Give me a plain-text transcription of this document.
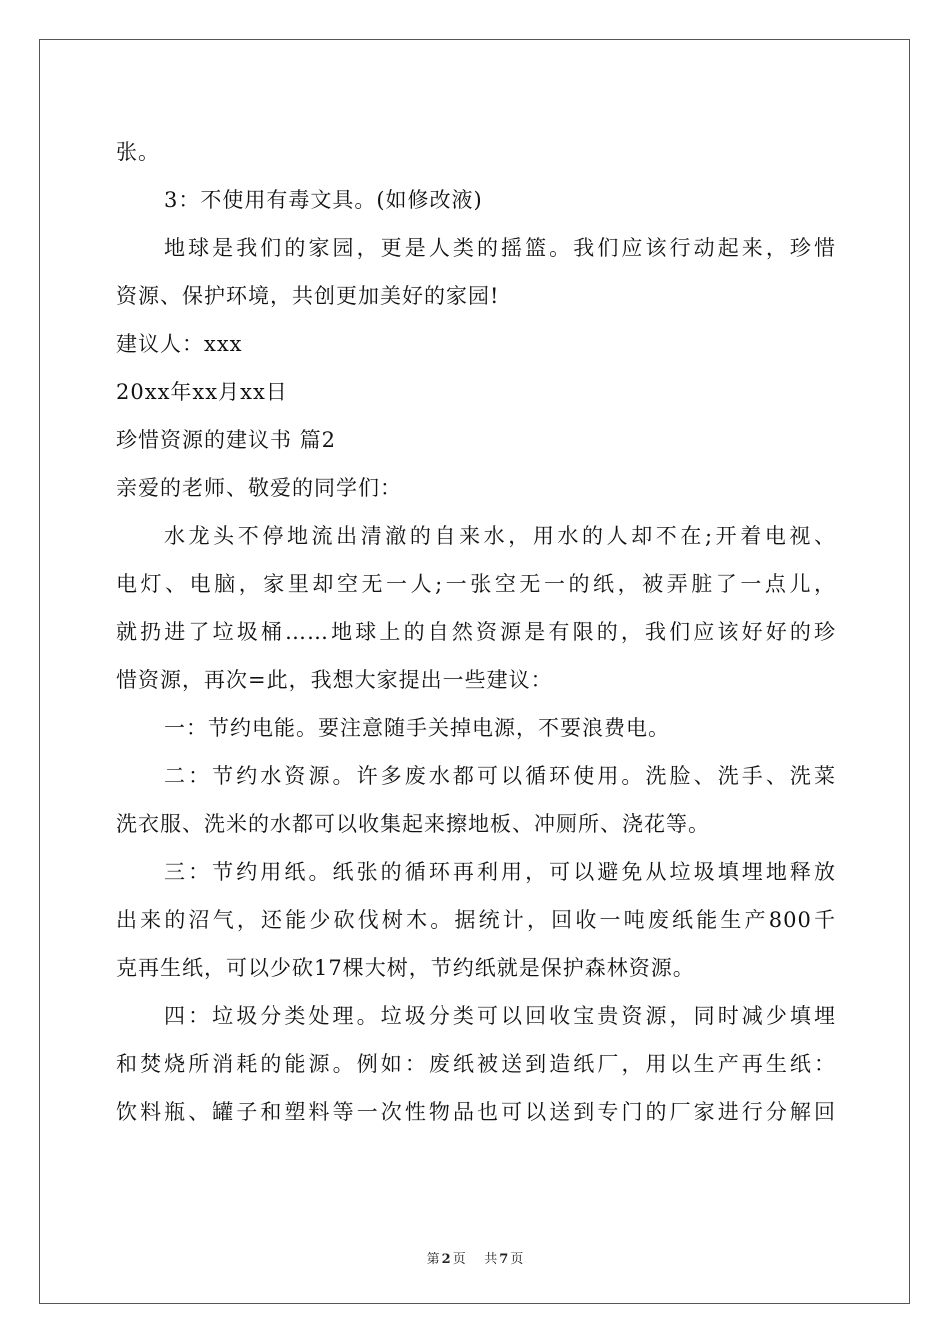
张。
3：不使用有毒文具。(如修改液)
地球是我们的家园，更是人类的摇篮。我们应该行动起来，珍惜
资源、保护环境，共创更加美好的家园!
建议人：xxx
20xx年xx月xx日
珍惜资源的建议书 篇2
亲爱的老师、敬爱的同学们：
水龙头不停地流出清澈的自来水，用水的人却不在;开着电视、
电灯、电脑，家里却空无一人;一张空无一的纸，被弄脏了一点儿，
就扔进了垃圾桶……地球上的自然资源是有限的，我们应该好好的珍
惜资源，再次=此，我想大家提出一些建议：
一：节约电能。要注意随手关掉电源，不要浪费电。
二：节约水资源。许多废水都可以循环使用。洗脸、洗手、洗菜
洗衣服、洗米的水都可以收集起来擦地板、冲厕所、浇花等。
三：节约用纸。纸张的循环再利用，可以避免从垃圾填埋地释放
出来的沼气，还能少砍伐树木。据统计，回收一吨废纸能生产800千
克再生纸，可以少砍17棵大树，节约纸就是保护森林资源。
四：垃圾分类处理。垃圾分类可以回收宝贵资源，同时减少填埋
和焚烧所消耗的能源。例如：废纸被送到造纸厂，用以生产再生纸：
饮料瓶、罐子和塑料等一次性物品也可以送到专门的厂家进行分解回
第 2 页 共 7 页
